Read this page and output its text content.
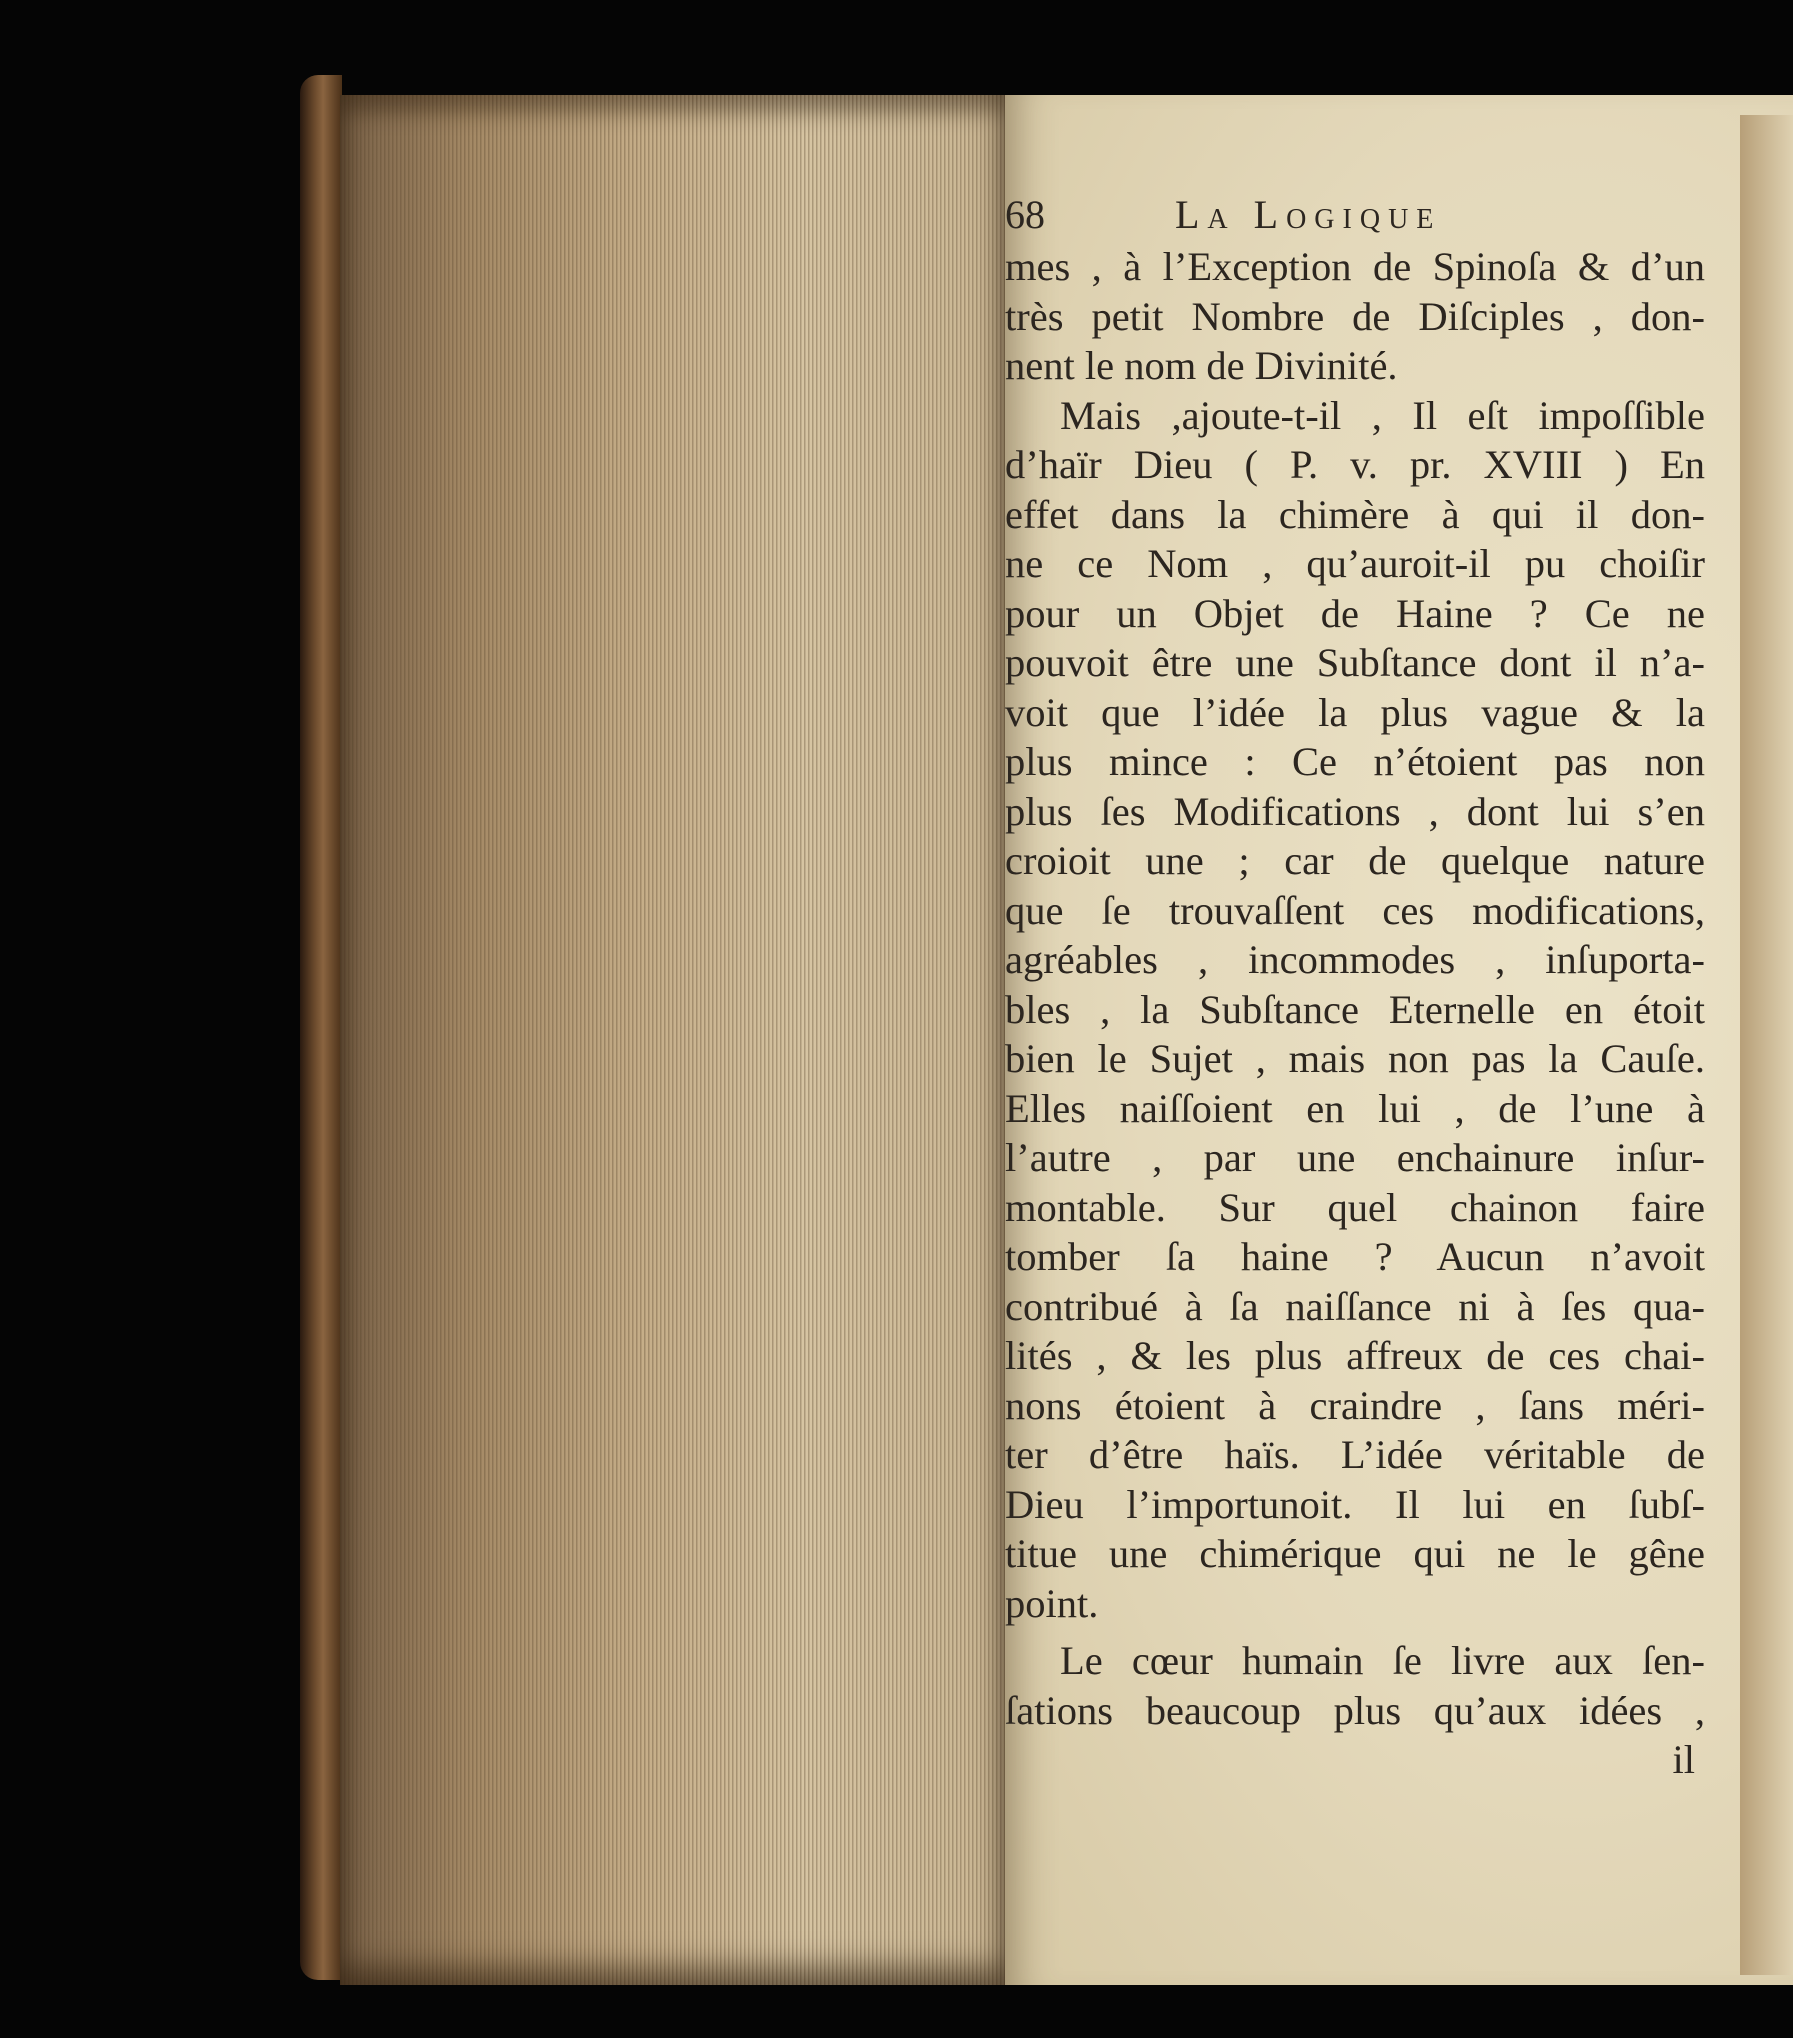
68	La Logique
mes , à l’Exception de Spinoſa & d’un
très petit Nombre de Diſciples , don-
nent le nom de Divinité.
Mais ,ajoute-t-il , Il eſt impoſſible
d’haïr Dieu ( P. v. pr. XVIII ) En
effet dans la chimère à qui il don-
ne ce Nom , qu’auroit-il pu choiſir
pour un Objet de Haine ? Ce ne
pouvoit être une Subſtance dont il n’a-
voit que l’idée la plus vague & la
plus mince : Ce n’étoient pas non
plus ſes Modifications , dont lui s’en
croioit une ; car de quelque nature
que ſe trouvaſſent ces modifications,
agréables , incommodes , inſuporta-
bles , la Subſtance Eternelle en étoit
bien le Sujet , mais non pas la Cauſe.
Elles naiſſoient en lui , de l’une à
l’autre , par une enchainure inſur-
montable. Sur quel chainon faire
tomber ſa haine ? Aucun n’avoit
contribué à ſa naiſſance ni à ſes qua-
lités , & les plus affreux de ces chai-
nons étoient à craindre , ſans méri-
ter d’être haïs. L’idée véritable de
Dieu l’importunoit. Il lui en ſubſ-
titue une chimérique qui ne le gêne
point.
Le cœur humain ſe livre aux ſen-
ſations beaucoup plus qu’aux idées ,
il
